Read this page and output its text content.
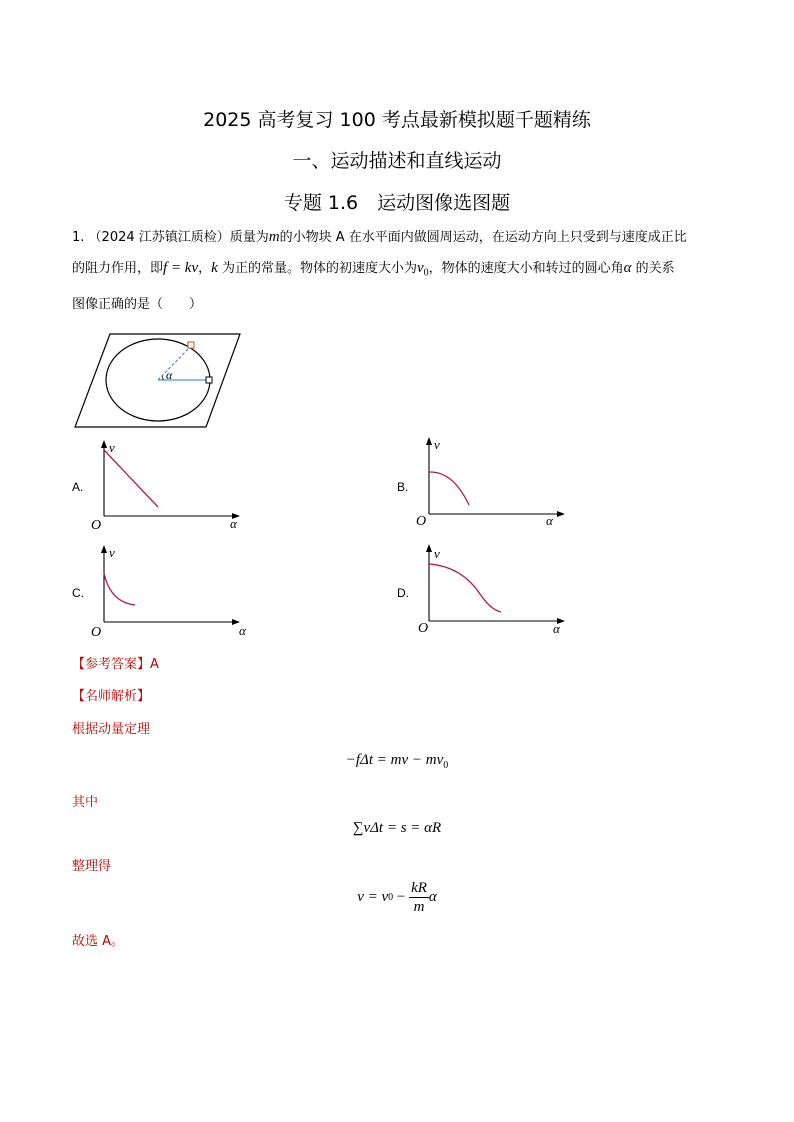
2025 高考复习 100 考点最新模拟题千题精练
一、运动描述和直线运动
专题 1.6　运动图像选图题
1. （2024 江苏镇江质检）质量为m的小物块 A 在水平面内做圆周运动，在运动方向上只受到与速度成正比
的阻力作用，即f = kv，k 为正的常量。物体的初速度大小为$v_0$，物体的速度大小和转过的圆心角α 的关系
图像正确的是（　　）
α
A.
v
α
O
B.
v
α
O
C.
v
α
O
D.
v
α
O
【参考答案】A
【名师解析】
根据动量定理
−fΔt = mv − $mv_0$
其中
∑vΔt = s = αR
整理得
$v = v0 - \frac{kR}{m}$ α
故选 A。
